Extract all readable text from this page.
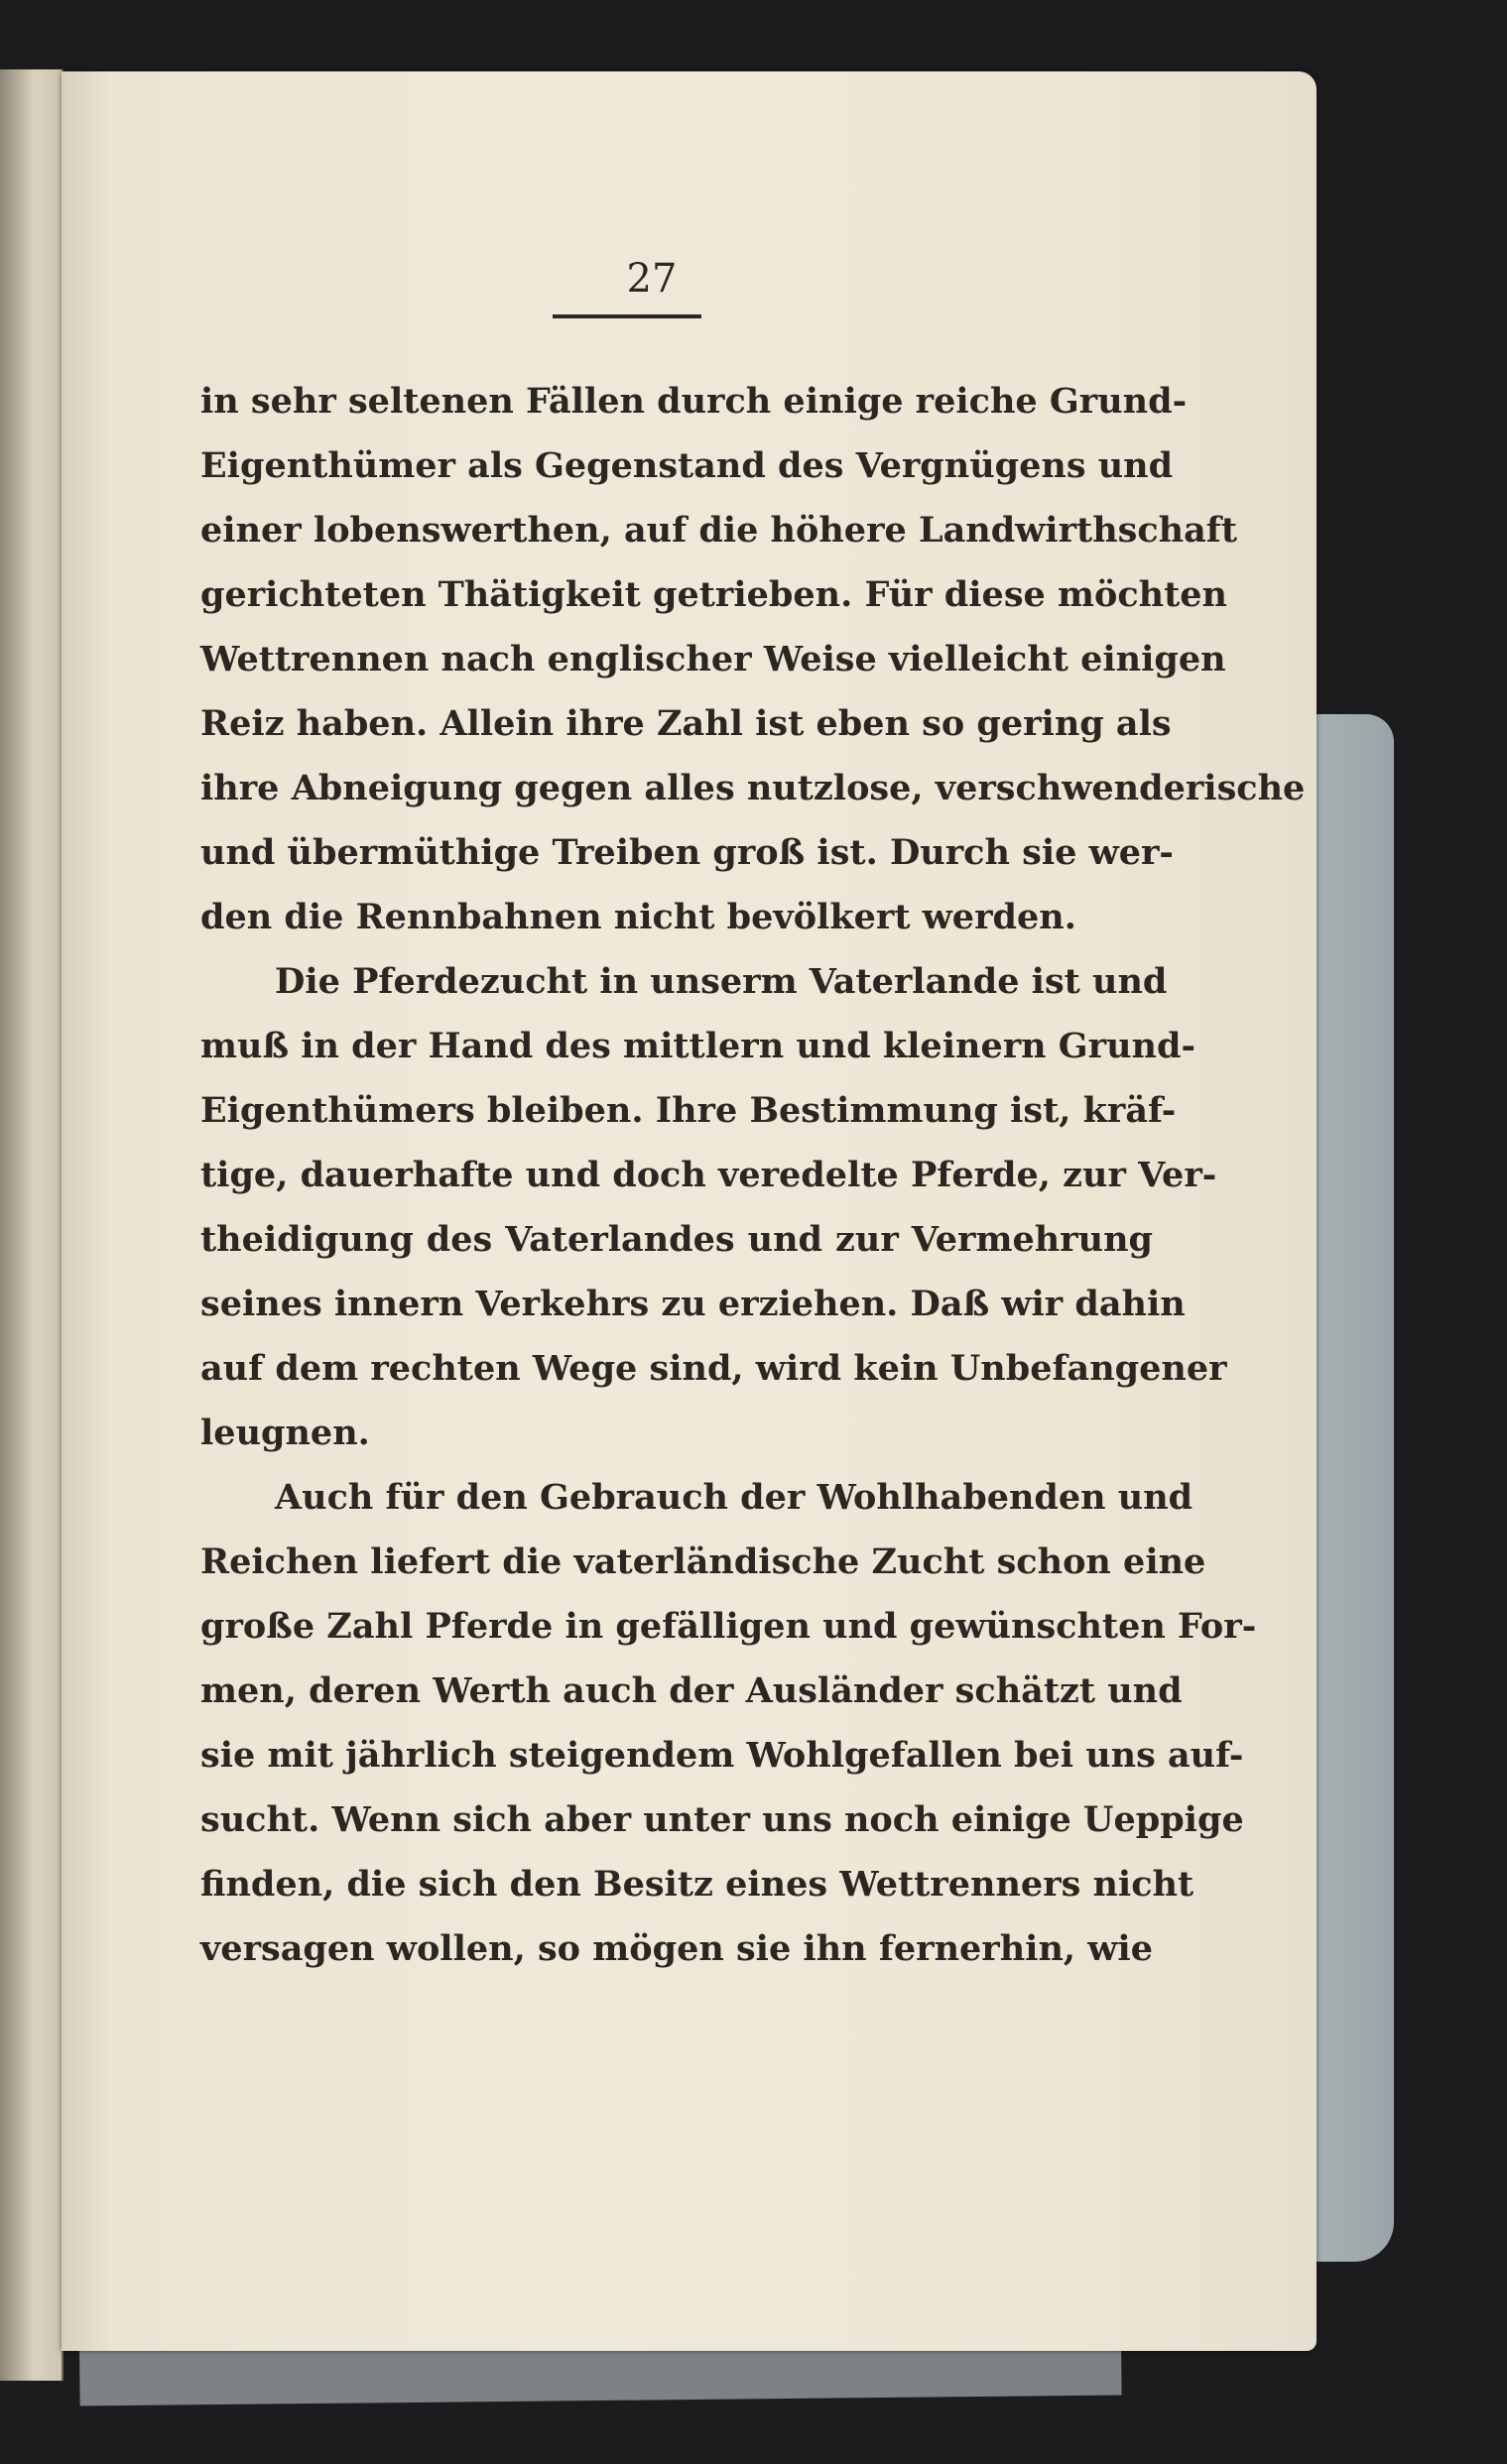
27
in sehr seltenen Fällen durch einige reiche Grund-
Eigenthümer als Gegenstand des Vergnügens und
einer lobenswerthen, auf die höhere Landwirthschaft
gerichteten Thätigkeit getrieben. Für diese möchten
Wettrennen nach englischer Weise vielleicht einigen
Reiz haben. Allein ihre Zahl ist eben so gering als
ihre Abneigung gegen alles nutzlose, verschwenderische
und übermüthige Treiben groß ist. Durch sie wer-
den die Rennbahnen nicht bevölkert werden.
Die Pferdezucht in unserm Vaterlande ist und
muß in der Hand des mittlern und kleinern Grund-
Eigenthümers bleiben. Ihre Bestimmung ist, kräf-
tige, dauerhafte und doch veredelte Pferde, zur Ver-
theidigung des Vaterlandes und zur Vermehrung
seines innern Verkehrs zu erziehen. Daß wir dahin
auf dem rechten Wege sind, wird kein Unbefangener
leugnen.
Auch für den Gebrauch der Wohlhabenden und
Reichen liefert die vaterländische Zucht schon eine
große Zahl Pferde in gefälligen und gewünschten For-
men, deren Werth auch der Ausländer schätzt und
sie mit jährlich steigendem Wohlgefallen bei uns auf-
sucht. Wenn sich aber unter uns noch einige Ueppige
finden, die sich den Besitz eines Wettrenners nicht
versagen wollen, so mögen sie ihn fernerhin, wie
